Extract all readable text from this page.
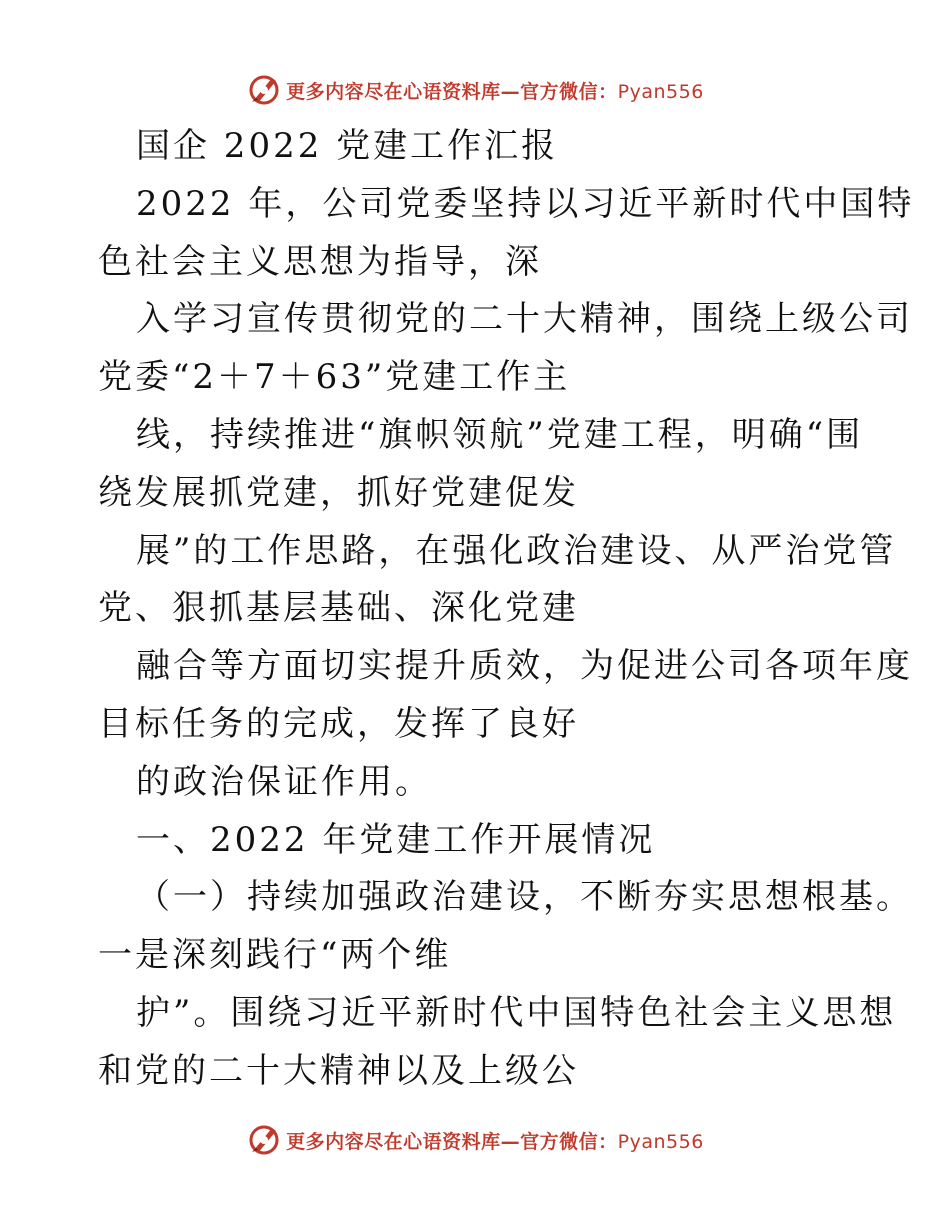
更多内容尽在心语资料库—官方微信：Pyan556
国企 2022 党建工作汇报
2022 年，公司党委坚持以习近平新时代中国特
色社会主义思想为指导，深
入学习宣传贯彻党的二十大精神，围绕上级公司
党委“2＋7＋63”党建工作主
线，持续推进“旗帜领航”党建工程，明确“围
绕发展抓党建，抓好党建促发
展”的工作思路，在强化政治建设、从严治党管
党、狠抓基层基础、深化党建
融合等方面切实提升质效，为促进公司各项年度
目标任务的完成，发挥了良好
的政治保证作用。
一、2022 年党建工作开展情况
（一）持续加强政治建设，不断夯实思想根基。
一是深刻践行“两个维
护”。围绕习近平新时代中国特色社会主义思想
和党的二十大精神以及上级公
更多内容尽在心语资料库—官方微信：Pyan556
